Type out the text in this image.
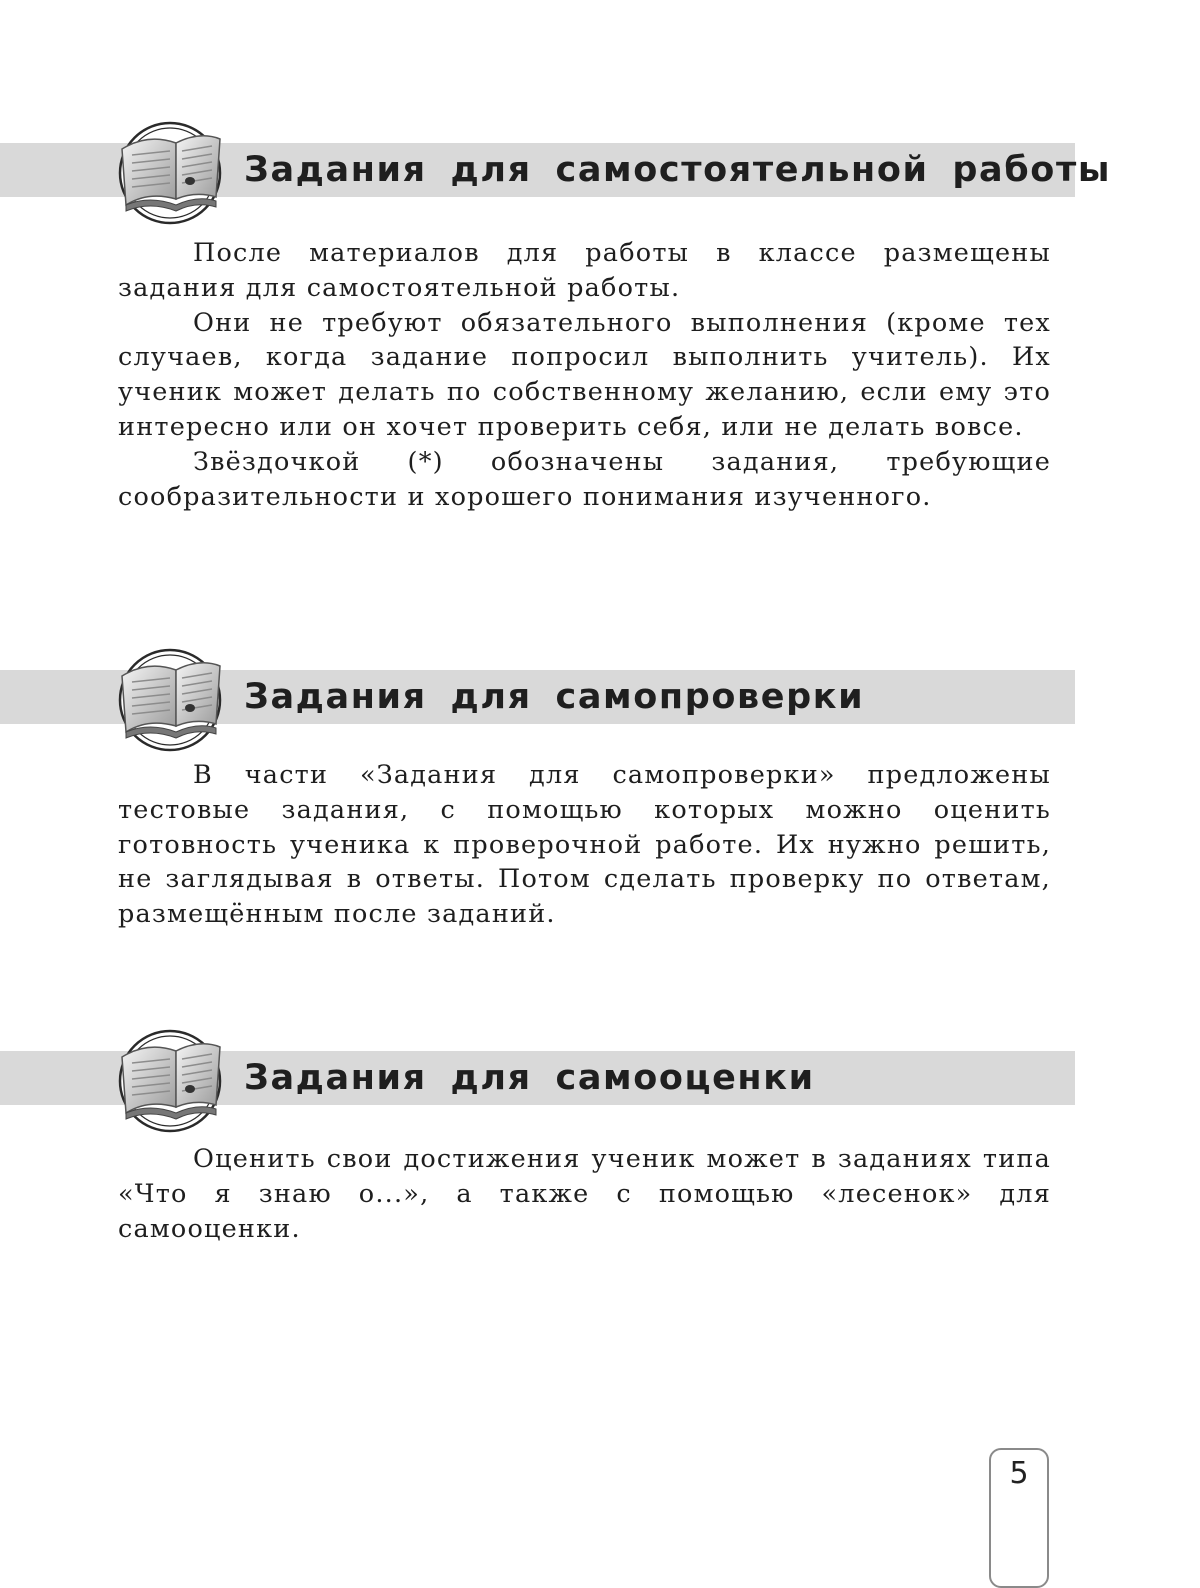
Задания для самостоятельной работы

После материалов для работы в классе размещены задания для самостоятельной работы.

Они не требуют обязательного выполнения (кроме тех случаев, когда задание попросил выполнить учитель). Их ученик может делать по собственному желанию, если ему это интересно или он хочет проверить себя, или не делать вовсе.

Звёздочкой (*) обозначены задания, требующие сообразительности и хорошего понимания изученного.

Задания для самопроверки

В части «Задания для самопроверки» предложены тестовые задания, с помощью которых можно оценить готовность ученика к проверочной работе. Их нужно решить, не заглядывая в ответы. Потом сделать проверку по ответам, размещённым после заданий.

Задания для самооценки

Оценить свои достижения ученик может в заданиях типа «Что я знаю о...», а также с помощью «лесенок» для самооценки.

5
